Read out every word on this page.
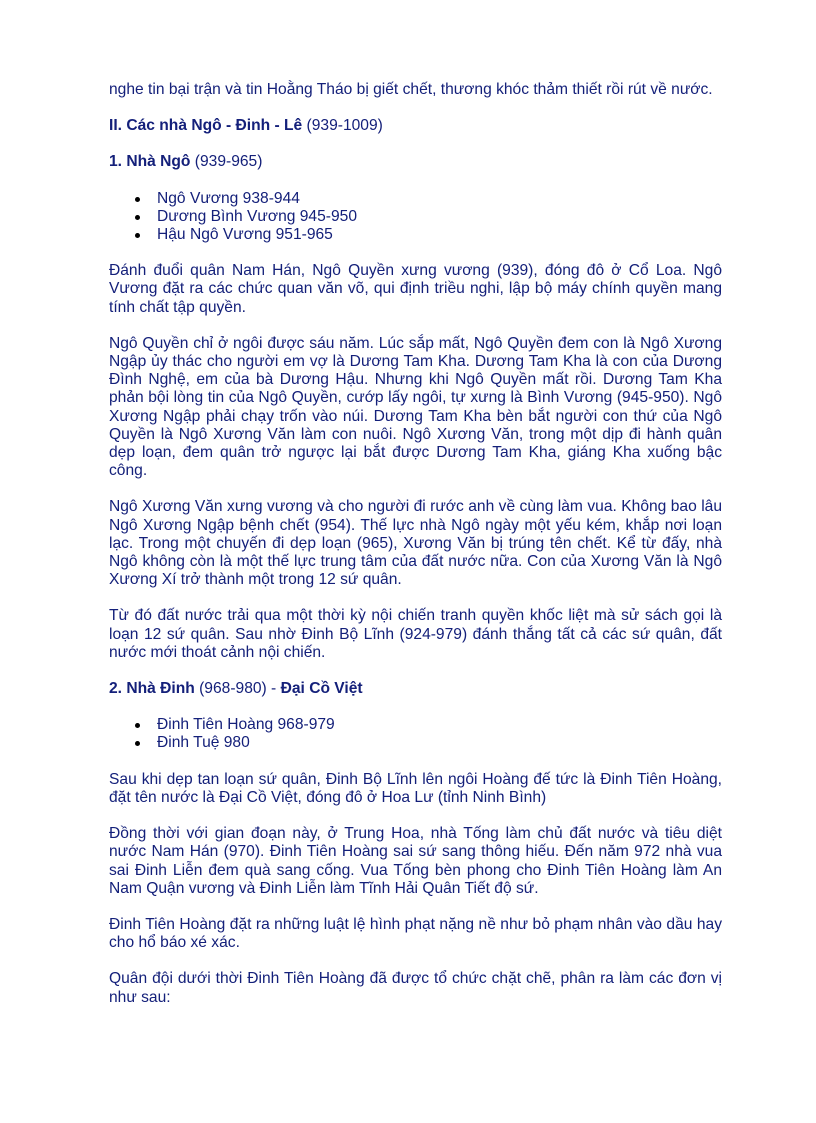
nghe tin bại trận và tin Hoằng Tháo bị giết chết, thương khóc thảm thiết rồi rút về nước.

II. Các nhà Ngô - Đinh - Lê (939-1009)
1. Nhà Ngô (939-965)
Ngô Vương 938-944
Dương Bình Vương 945-950
Hậu Ngô Vương 951-965

Đánh đuổi quân Nam Hán, Ngô Quyền xưng vương (939), đóng đô ở Cổ Loa. Ngô Vương đặt ra các chức quan văn võ, qui định triều nghi, lập bộ máy chính quyền mang tính chất tập quyền.

Ngô Quyền chỉ ở ngôi được sáu năm. Lúc sắp mất, Ngô Quyền đem con là Ngô Xương Ngập ủy thác cho người em vợ là Dương Tam Kha. Dương Tam Kha là con của Dương Đình Nghệ, em của bà Dương Hậu. Nhưng khi Ngô Quyền mất rồi. Dương Tam Kha phản bội lòng tin của Ngô Quyền, cướp lấy ngôi, tự xưng là Bình Vương (945-950). Ngô Xương Ngập phải chạy trốn vào núi. Dương Tam Kha bèn bắt người con thứ của Ngô Quyền là Ngô Xương Văn làm con nuôi. Ngô Xương Văn, trong một dịp đi hành quân dẹp loạn, đem quân trở ngược lại bắt được Dương Tam Kha, giáng Kha xuống bậc công.

Ngô Xương Văn xưng vương và cho người đi rước anh về cùng làm vua. Không bao lâu Ngô Xương Ngập bệnh chết (954). Thế lực nhà Ngô ngày một yếu kém, khắp nơi loạn lạc. Trong một chuyến đi dẹp loạn (965), Xương Văn bị trúng tên chết. Kể từ đấy, nhà Ngô không còn là một thế lực trung tâm của đất nước nữa. Con của Xương Văn là Ngô Xương Xí trở thành một trong 12 sứ quân.

Từ đó đất nước trải qua một thời kỳ nội chiến tranh quyền khốc liệt mà sử sách gọi là loạn 12 sứ quân. Sau nhờ Đinh Bộ Lĩnh (924-979) đánh thắng tất cả các sứ quân, đất nước mới thoát cảnh nội chiến.

2. Nhà Đinh (968-980) - Đại Cồ Việt
Đinh Tiên Hoàng 968-979
Đinh Tuệ 980

Sau khi dẹp tan loạn sứ quân, Đinh Bộ Lĩnh lên ngôi Hoàng đế tức là Đinh Tiên Hoàng, đặt tên nước là Đại Cồ Việt, đóng đô ở Hoa Lư (tỉnh Ninh Bình)

Đồng thời với gian đoạn này, ở Trung Hoa, nhà Tống làm chủ đất nước và tiêu diệt nước Nam Hán (970). Đinh Tiên Hoàng sai sứ sang thông hiếu. Đến năm 972 nhà vua sai Đinh Liễn đem quà sang cống. Vua Tống bèn phong cho Đinh Tiên Hoàng làm An Nam Quận vương và Đinh Liễn làm Tĩnh Hải Quân Tiết độ sứ.

Đinh Tiên Hoàng đặt ra những luật lệ hình phạt nặng nề như bỏ phạm nhân vào dầu hay cho hổ báo xé xác.

Quân đội dưới thời Đinh Tiên Hoàng đã được tổ chức chặt chẽ, phân ra làm các đơn vị như sau:
